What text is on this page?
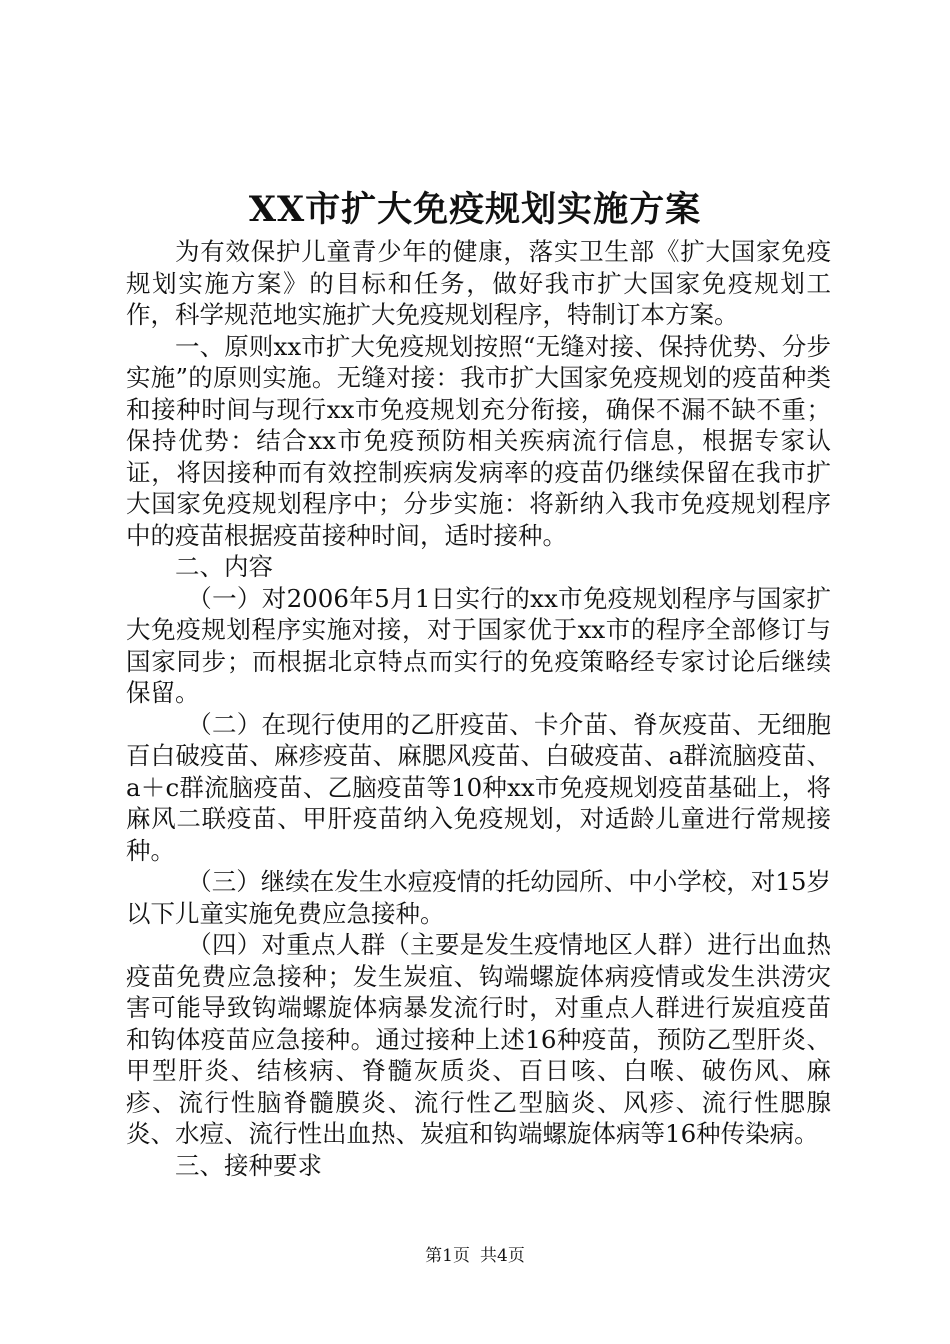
XX市扩大免疫规划实施方案

为有效保护儿童青少年的健康，落实卫生部《扩大国家免疫规划实施方案》的目标和任务，做好我市扩大国家免疫规划工作，科学规范地实施扩大免疫规划程序，特制订本方案。

一、原则xx市扩大免疫规划按照“无缝对接、保持优势、分步实施”的原则实施。无缝对接：我市扩大国家免疫规划的疫苗种类和接种时间与现行xx市免疫规划充分衔接，确保不漏不缺不重；保持优势：结合xx市免疫预防相关疾病流行信息，根据专家认证，将因接种而有效控制疾病发病率的疫苗仍继续保留在我市扩大国家免疫规划程序中；分步实施：将新纳入我市免疫规划程序中的疫苗根据疫苗接种时间，适时接种。

二、内容

（一）对2006年5月1日实行的xx市免疫规划程序与国家扩大免疫规划程序实施对接，对于国家优于xx市的程序全部修订与国家同步；而根据北京特点而实行的免疫策略经专家讨论后继续保留。

（二）在现行使用的乙肝疫苗、卡介苗、脊灰疫苗、无细胞百白破疫苗、麻疹疫苗、麻腮风疫苗、白破疫苗、a群流脑疫苗、a＋c群流脑疫苗、乙脑疫苗等10种xx市免疫规划疫苗基础上，将麻风二联疫苗、甲肝疫苗纳入免疫规划，对适龄儿童进行常规接种。

（三）继续在发生水痘疫情的托幼园所、中小学校，对15岁以下儿童实施免费应急接种。

（四）对重点人群（主要是发生疫情地区人群）进行出血热疫苗免费应急接种；发生炭疽、钩端螺旋体病疫情或发生洪涝灾害可能导致钩端螺旋体病暴发流行时，对重点人群进行炭疽疫苗和钩体疫苗应急接种。通过接种上述16种疫苗，预防乙型肝炎、甲型肝炎、结核病、脊髓灰质炎、百日咳、白喉、破伤风、麻疹、流行性脑脊髓膜炎、流行性乙型脑炎、风疹、流行性腮腺炎、水痘、流行性出血热、炭疽和钩端螺旋体病等16种传染病。

三、接种要求

第1页 共4页
